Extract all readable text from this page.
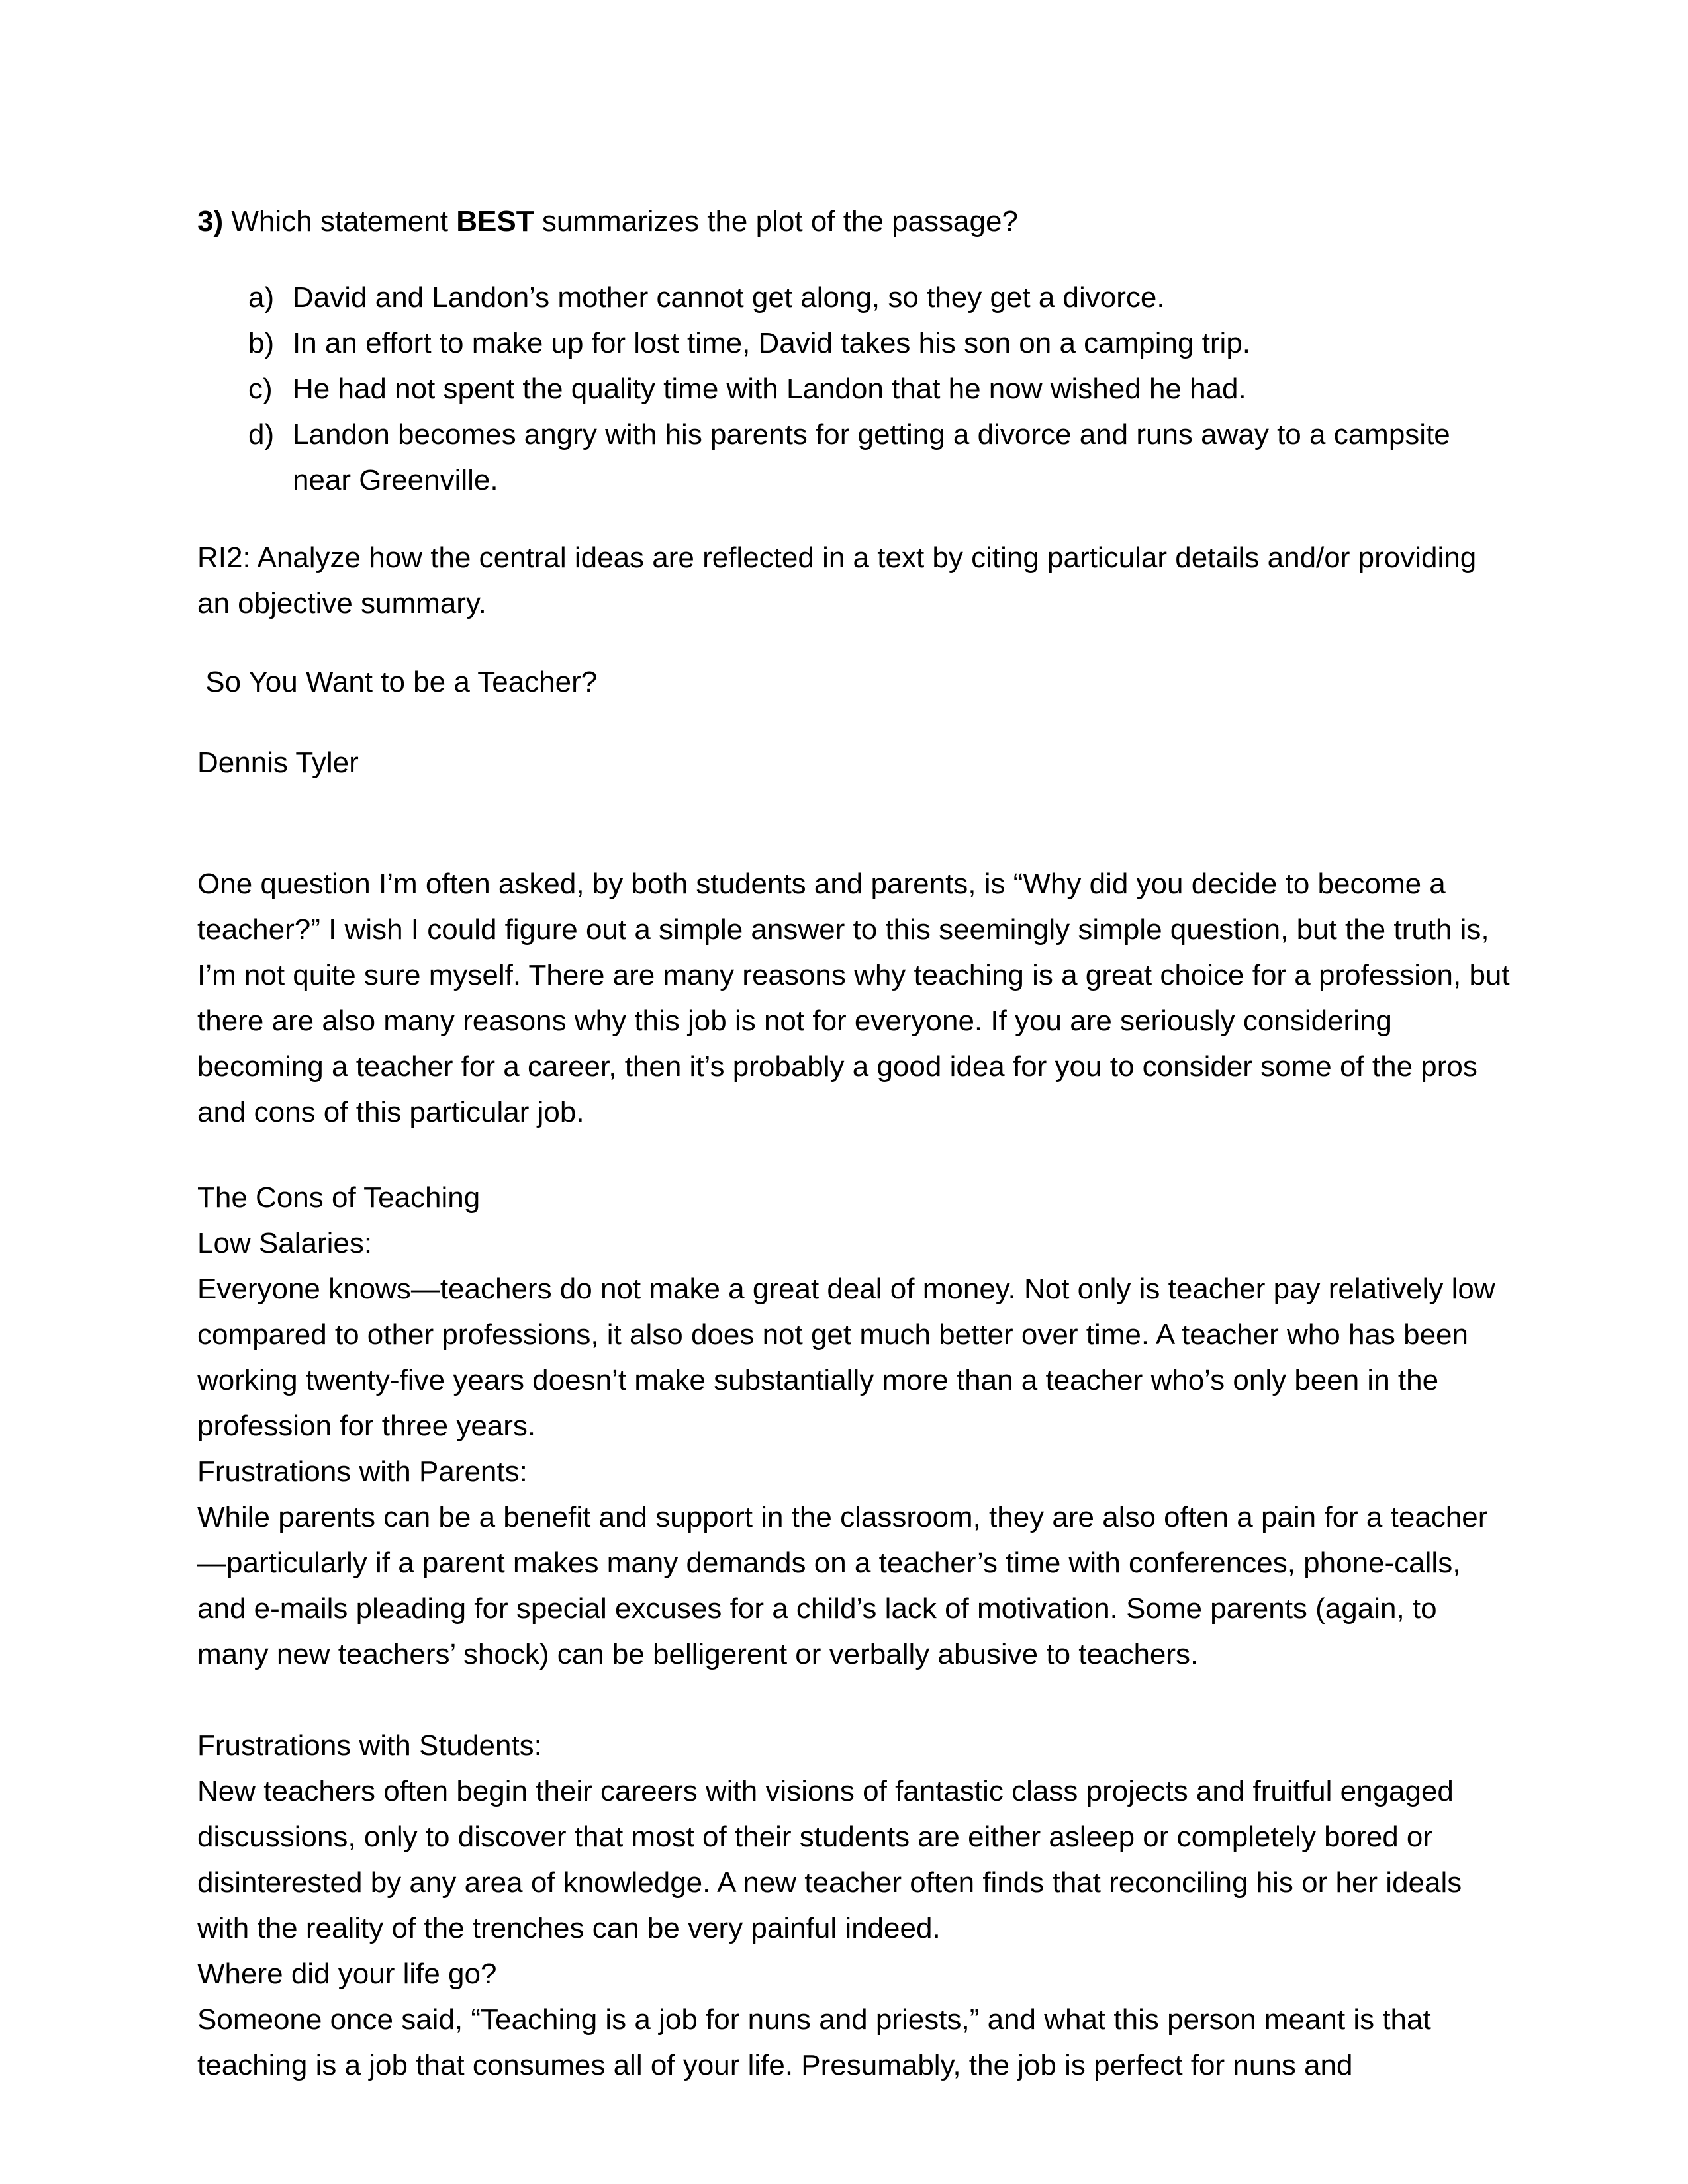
3) Which statement BEST summarizes the plot of the passage?
a) David and Landon’s mother cannot get along, so they get a divorce.
b) In an effort to make up for lost time, David takes his son on a camping trip.
c) He had not spent the quality time with Landon that he now wished he had.
d) Landon becomes angry with his parents for getting a divorce and runs away to a campsite near Greenville.
RI2: Analyze how the central ideas are reflected in a text by citing particular details and/or providing an objective summary.
So You Want to be a Teacher?
Dennis Tyler
One question I’m often asked, by both students and parents, is “Why did you decide to become a teacher?” I wish I could figure out a simple answer to this seemingly simple question, but the truth is, I’m not quite sure myself. There are many reasons why teaching is a great choice for a profession, but there are also many reasons why this job is not for everyone. If you are seriously considering becoming a teacher for a career, then it’s probably a good idea for you to consider some of the pros and cons of this particular job.
The Cons of Teaching
Low Salaries:
Everyone knows—teachers do not make a great deal of money. Not only is teacher pay relatively low compared to other professions, it also does not get much better over time. A teacher who has been working twenty-five years doesn’t make substantially more than a teacher who’s only been in the profession for three years.
Frustrations with Parents:
While parents can be a benefit and support in the classroom, they are also often a pain for a teacher—particularly if a parent makes many demands on a teacher’s time with conferences, phone-calls, and e-mails pleading for special excuses for a child’s lack of motivation. Some parents (again, to many new teachers’ shock) can be belligerent or verbally abusive to teachers.
Frustrations with Students:
New teachers often begin their careers with visions of fantastic class projects and fruitful engaged discussions, only to discover that most of their students are either asleep or completely bored or disinterested by any area of knowledge. A new teacher often finds that reconciling his or her ideals with the reality of the trenches can be very painful indeed.
Where did your life go?
Someone once said, “Teaching is a job for nuns and priests,” and what this person meant is that teaching is a job that consumes all of your life. Presumably, the job is perfect for nuns and
